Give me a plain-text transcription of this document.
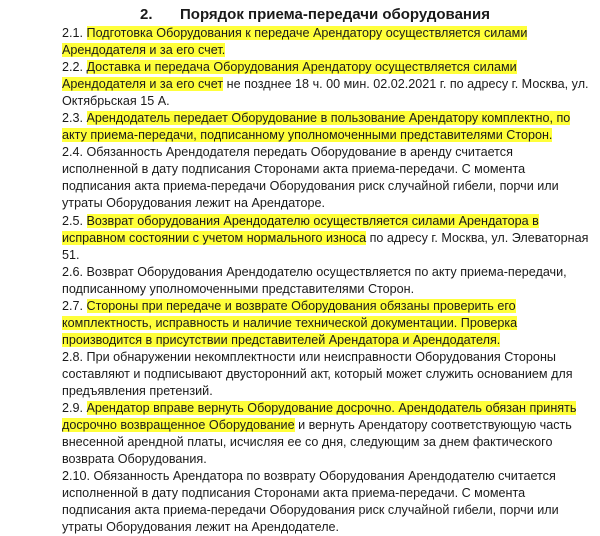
2. Порядок приема-передачи оборудования

2.1. Подготовка Оборудования к передаче Арендатору осуществляется силами Арендодателя и за его счет.

2.2. Доставка и передача Оборудования Арендатору осуществляется силами Арендодателя и за его счет не позднее 18 ч. 00 мин. 02.02.2021 г. по адресу г. Москва, ул. Октябрьская 15 А.

2.3. Арендодатель передает Оборудование в пользование Арендатору комплектно, по акту приема-передачи, подписанному уполномоченными представителями Сторон.

2.4. Обязанность Арендодателя передать Оборудование в аренду считается исполненной в дату подписания Сторонами акта приема-передачи. С момента подписания акта приема-передачи Оборудования риск случайной гибели, порчи или утраты Оборудования лежит на Арендаторе.

2.5. Возврат оборудования Арендодателю осуществляется силами Арендатора в исправном состоянии с учетом нормального износа по адресу г. Москва, ул. Элеваторная 51.

2.6. Возврат Оборудования Арендодателю осуществляется по акту приема-передачи, подписанному уполномоченными представителями Сторон.

2.7. Стороны при передаче и возврате Оборудования обязаны проверить его комплектность, исправность и наличие технической документации. Проверка производится в присутствии представителей Арендатора и Арендодателя.

2.8. При обнаружении некомплектности или неисправности Оборудования Стороны составляют и подписывают двусторонний акт, который может служить основанием для предъявления претензий.

2.9. Арендатор вправе вернуть Оборудование досрочно. Арендодатель обязан принять досрочно возвращенное Оборудование и вернуть Арендатору соответствующую часть внесенной арендной платы, исчисляя ее со дня, следующим за днем фактического возврата Оборудования.

2.10. Обязанность Арендатора по возврату Оборудования Арендодателю считается исполненной в дату подписания Сторонами акта приема-передачи. С момента подписания акта приема-передачи Оборудования риск случайной гибели, порчи или утраты Оборудования лежит на Арендодателе.
